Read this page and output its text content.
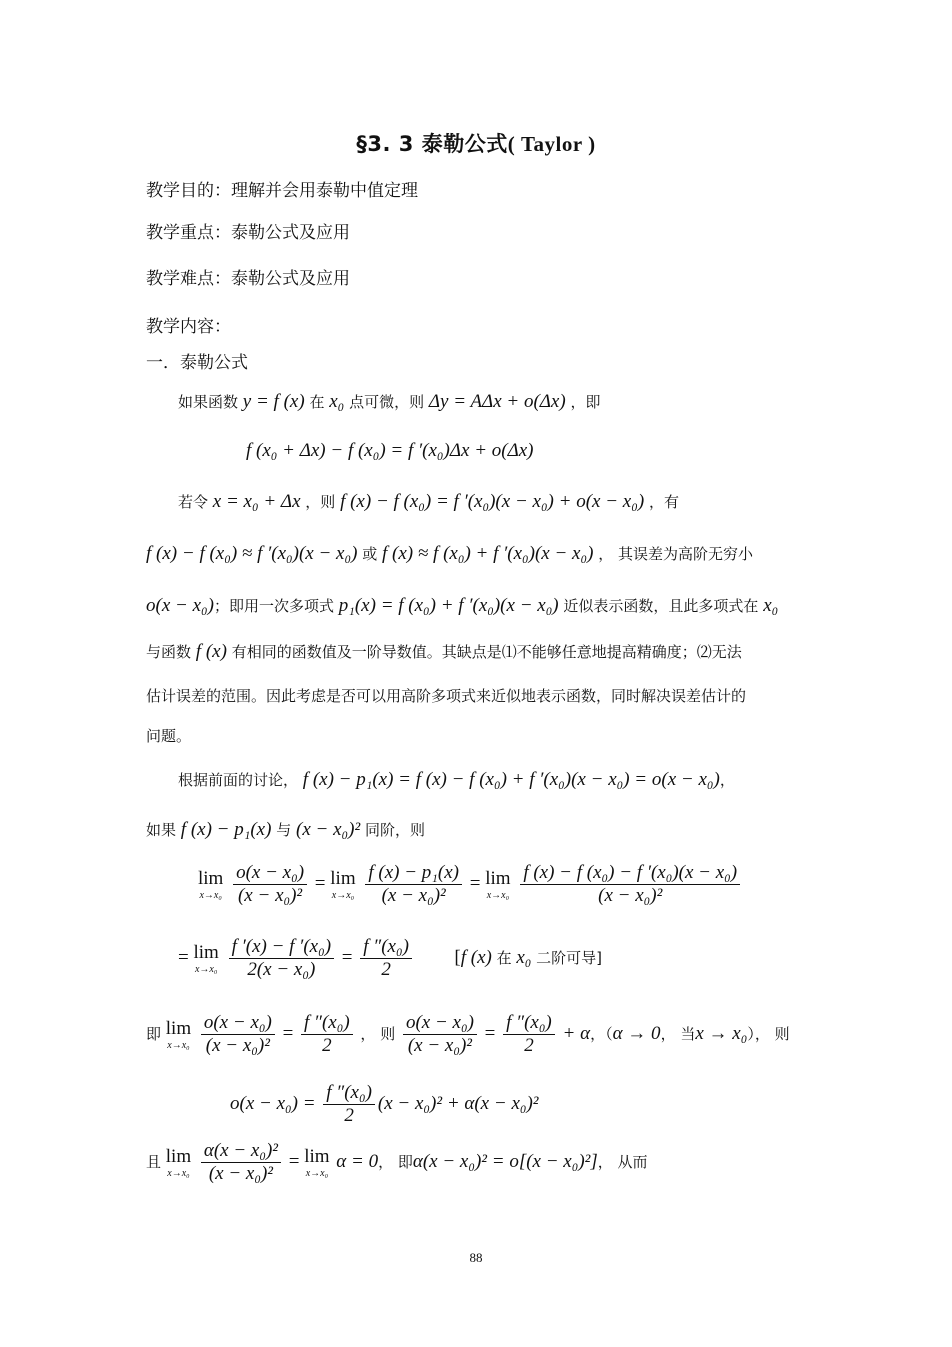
§3. 3 泰勒公式( Taylor )
教学目的：理解并会用泰勒中值定理
教学重点：泰勒公式及应用
教学难点：泰勒公式及应用
教学内容：
一．泰勒公式
如果函数 y = f (x) 在 x₀ 点可微，则 Δy = AΔx + o(Δx) ，即
f (x₀ + Δx) − f (x₀) = f ′(x₀)Δx + o(Δx)
若令 x = x₀ + Δx ，则 f (x) − f (x₀) = f ′(x₀)(x − x₀) + o(x − x₀) ，有
f (x) − f (x₀) ≈ f ′(x₀)(x − x₀) 或 f (x) ≈ f (x₀) + f ′(x₀)(x − x₀) ， 其误差为高阶无穷小
o(x − x₀)；即用一次多项式 p₁(x) = f (x₀) + f ′(x₀)(x − x₀) 近似表示函数，且此多项式在 x₀
与函数 f (x) 有相同的函数值及一阶导数值。其缺点是⑴不能够任意地提高精确度；⑵无法
估计误差的范围。因此考虑是否可以用高阶多项式来近似地表示函数，同时解决误差估计的
问题。
根据前面的讨论， f (x) − p₁(x) = f (x) − f (x₀) + f ′(x₀)(x − x₀) = o(x − x₀)，
如果 f (x) − p₁(x) 与 (x − x₀)² 同阶，则
lim
x→x₀
$\frac{\text{o(x − x₀)}}{\text{(x − x₀)²}} = \lim$
x→x₀
$\frac{\text{f (x) − p₁(x)}}{\text{(x − x₀)²}} = \lim$
x→x₀
$\frac{\text{f (x) − f (x₀) − f ′(x₀)(x − x₀)}}{\text{(x − x₀)²}}$
= lim
x→x₀
$\frac{\text{f ′(x) − f ′(x₀)}}{\text{2(x − x₀)}} = \frac{\text{f ″(x₀)}}{2} [f$ (x) 在 x₀ 二阶可导]
即 lim
x→x₀
$\frac{\text{o(x − x₀)}}{\text{(x − x₀)²}} = \frac{\text{f ″(x₀)}}{2}$ ， 则 $\frac{\text{o(x − x₀)}}{\text{(x − x₀)²}} = \frac{\text{f ″(x₀)}}{2} + \alpha$，（α → 0， 当x → x₀）， 则
$o(x - x_0) = \frac{\text{f ″(x₀)}}{2} (x - x_0)^2 + \alpha(x - x_0)^2$
且 lim
x→x₀
$\frac{\text{α(x − x₀)²}}{\text{(x − x₀)²}} = \lim$
x→x₀
α = 0， 即α(x − x₀)² = o[(x − x₀)²]， 从而
88
